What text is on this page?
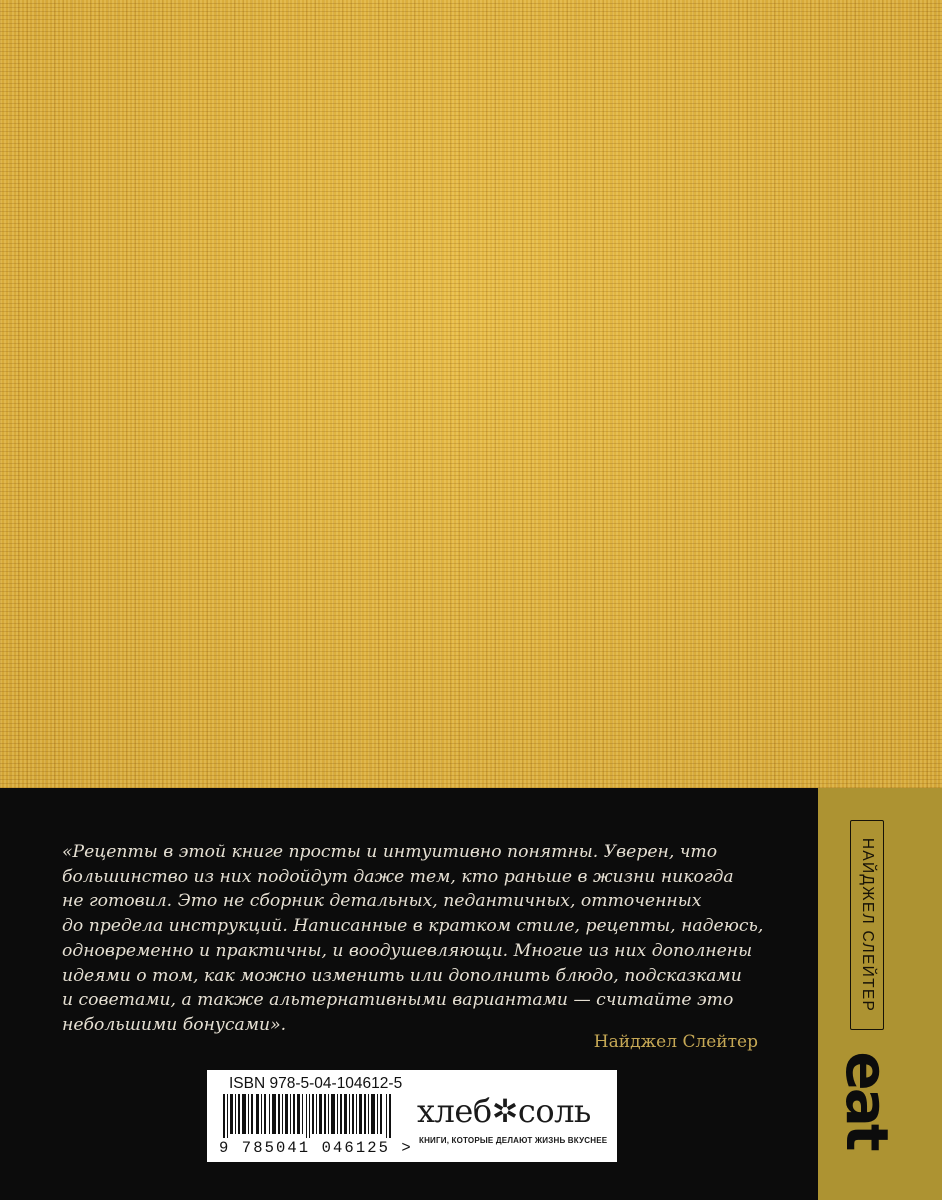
«Рецепты в этой книге просты и интуитивно понятны. Уверен, что
большинство из них подойдут даже тем, кто раньше в жизни никогда
не готовил. Это не сборник детальных, педантичных, отточенных
до предела инструкций. Написанные в кратком стиле, рецепты, надеюсь,
одновременно и практичны, и воодушевляющи. Многие из них дополнены
идеями о том, как можно изменить или дополнить блюдо, подсказками
и советами, а также альтернативными вариантами — считайте это
небольшими бонусами».
Найджел Слейтер
НАЙДЖЕЛ СЛЕЙТЕР
eat
ISBN 978-5-04-104612-5
9 785041 046125 >
хлеб✲соль
КНИГИ, КОТОРЫЕ ДЕЛАЮТ ЖИЗНЬ ВКУСНЕЕ
